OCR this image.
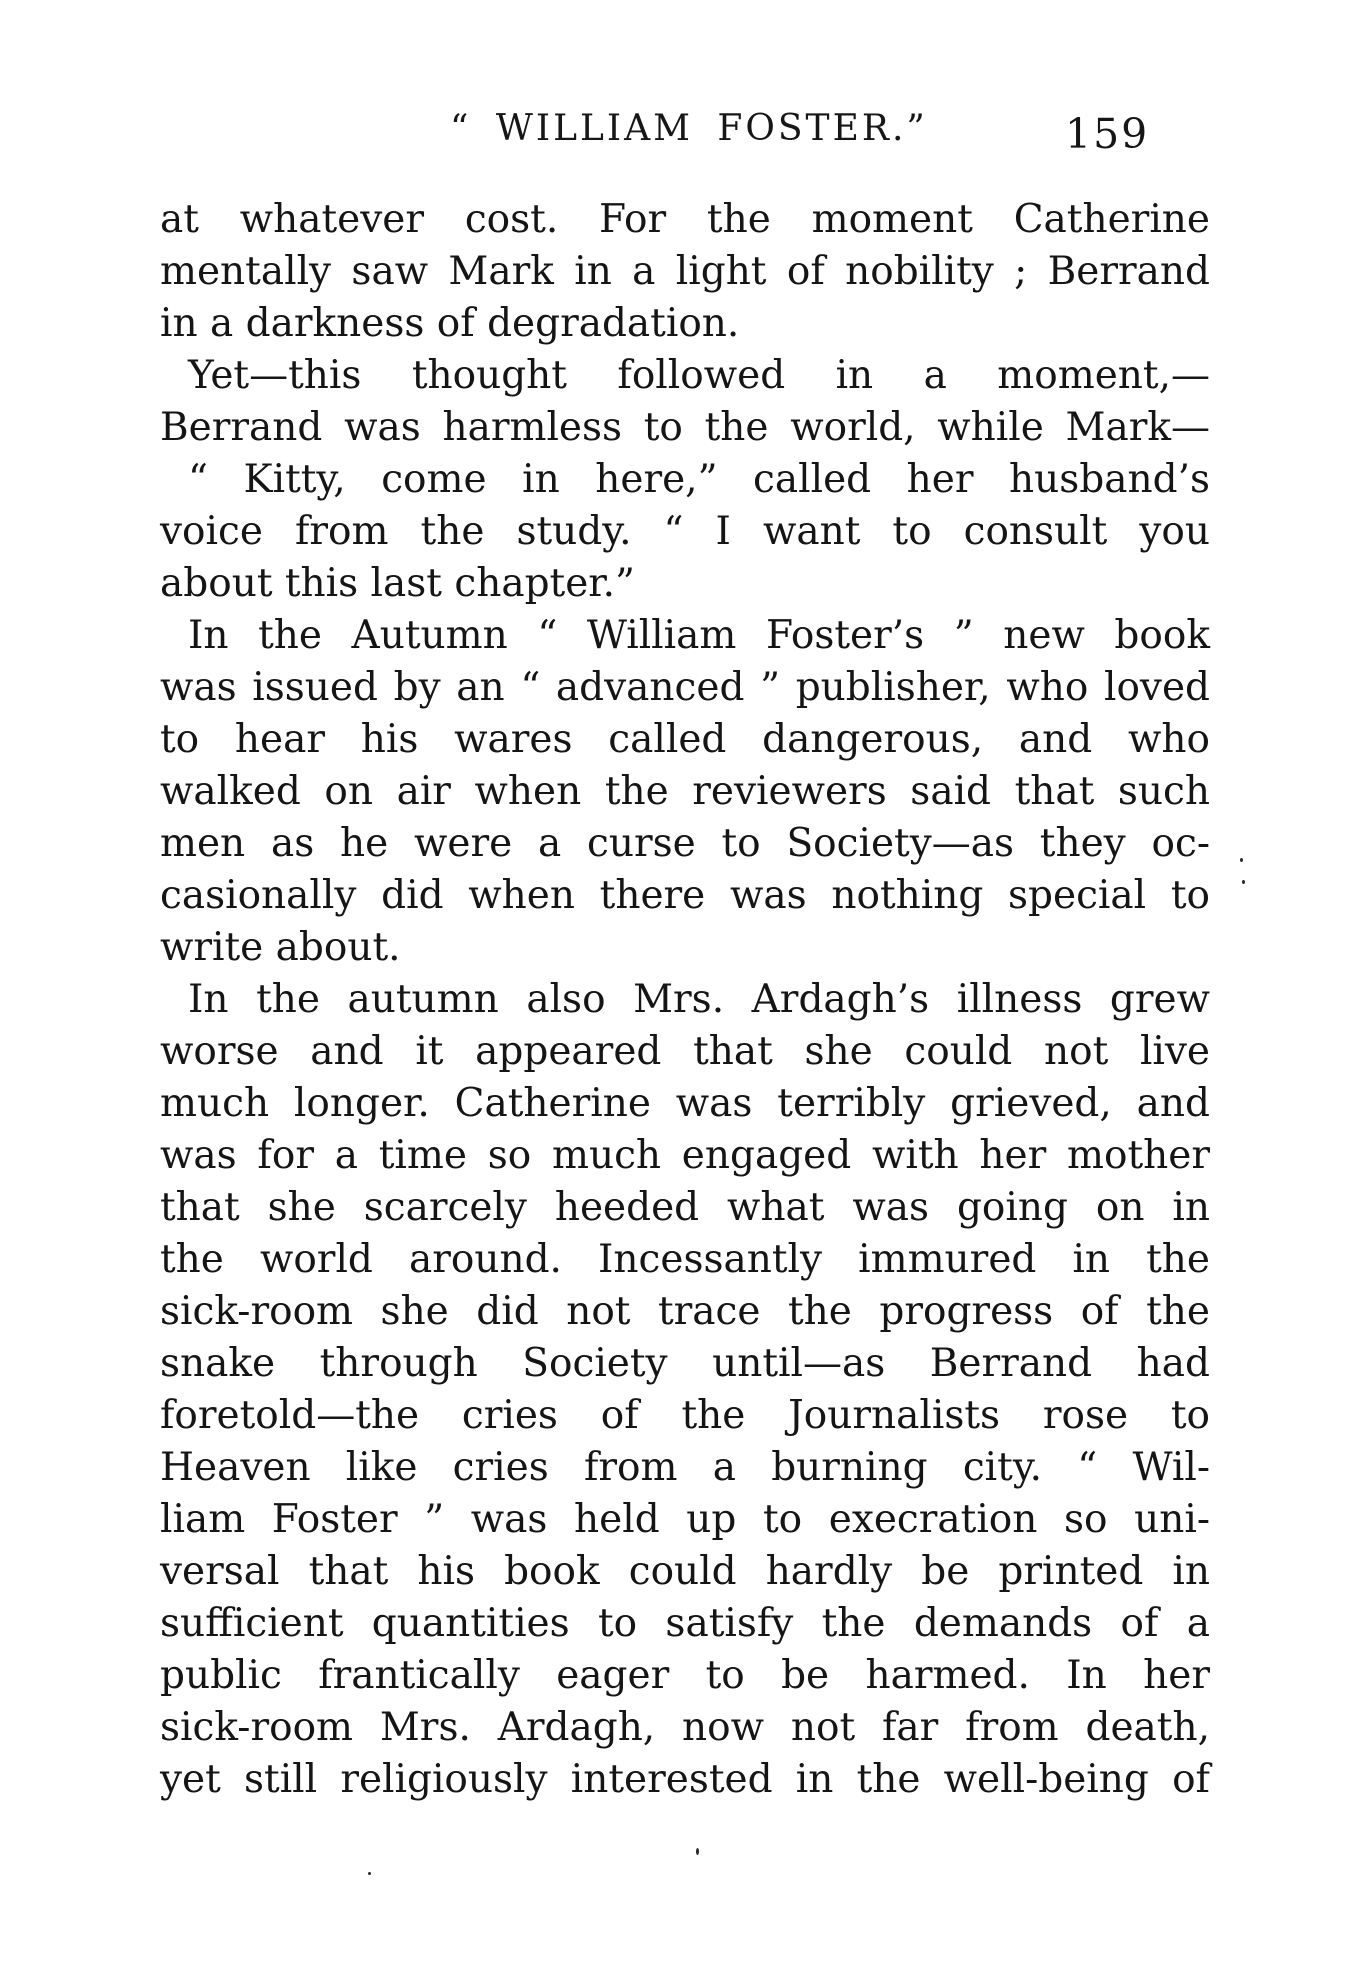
“ WILLIAM FOSTER.”	159
at whatever cost. For the moment Catherine
mentally saw Mark in a light of nobility ; Berrand
in a darkness of degradation.
Yet—this thought followed in a moment,—
Berrand was harmless to the world, while Mark—
“ Kitty, come in here,” called her husband’s
voice from the study. “ I want to consult you
about this last chapter.”
In the Autumn “ William Foster’s ” new book
was issued by an “ advanced ” publisher, who loved
to hear his wares called dangerous, and who
walked on air when the reviewers said that such
men as he were a curse to Society—as they oc-
casionally did when there was nothing special to
write about.
In the autumn also Mrs. Ardagh’s illness grew
worse and it appeared that she could not live
much longer. Catherine was terribly grieved, and
was for a time so much engaged with her mother
that she scarcely heeded what was going on in
the world around. Incessantly immured in the
sick-room she did not trace the progress of the
snake through Society until—as Berrand had
foretold—the cries of the Journalists rose to
Heaven like cries from a burning city. “ Wil-
liam Foster ” was held up to execration so uni-
versal that his book could hardly be printed in
sufficient quantities to satisfy the demands of a
public frantically eager to be harmed. In her
sick-room Mrs. Ardagh, now not far from death,
yet still religiously interested in the well-being of
